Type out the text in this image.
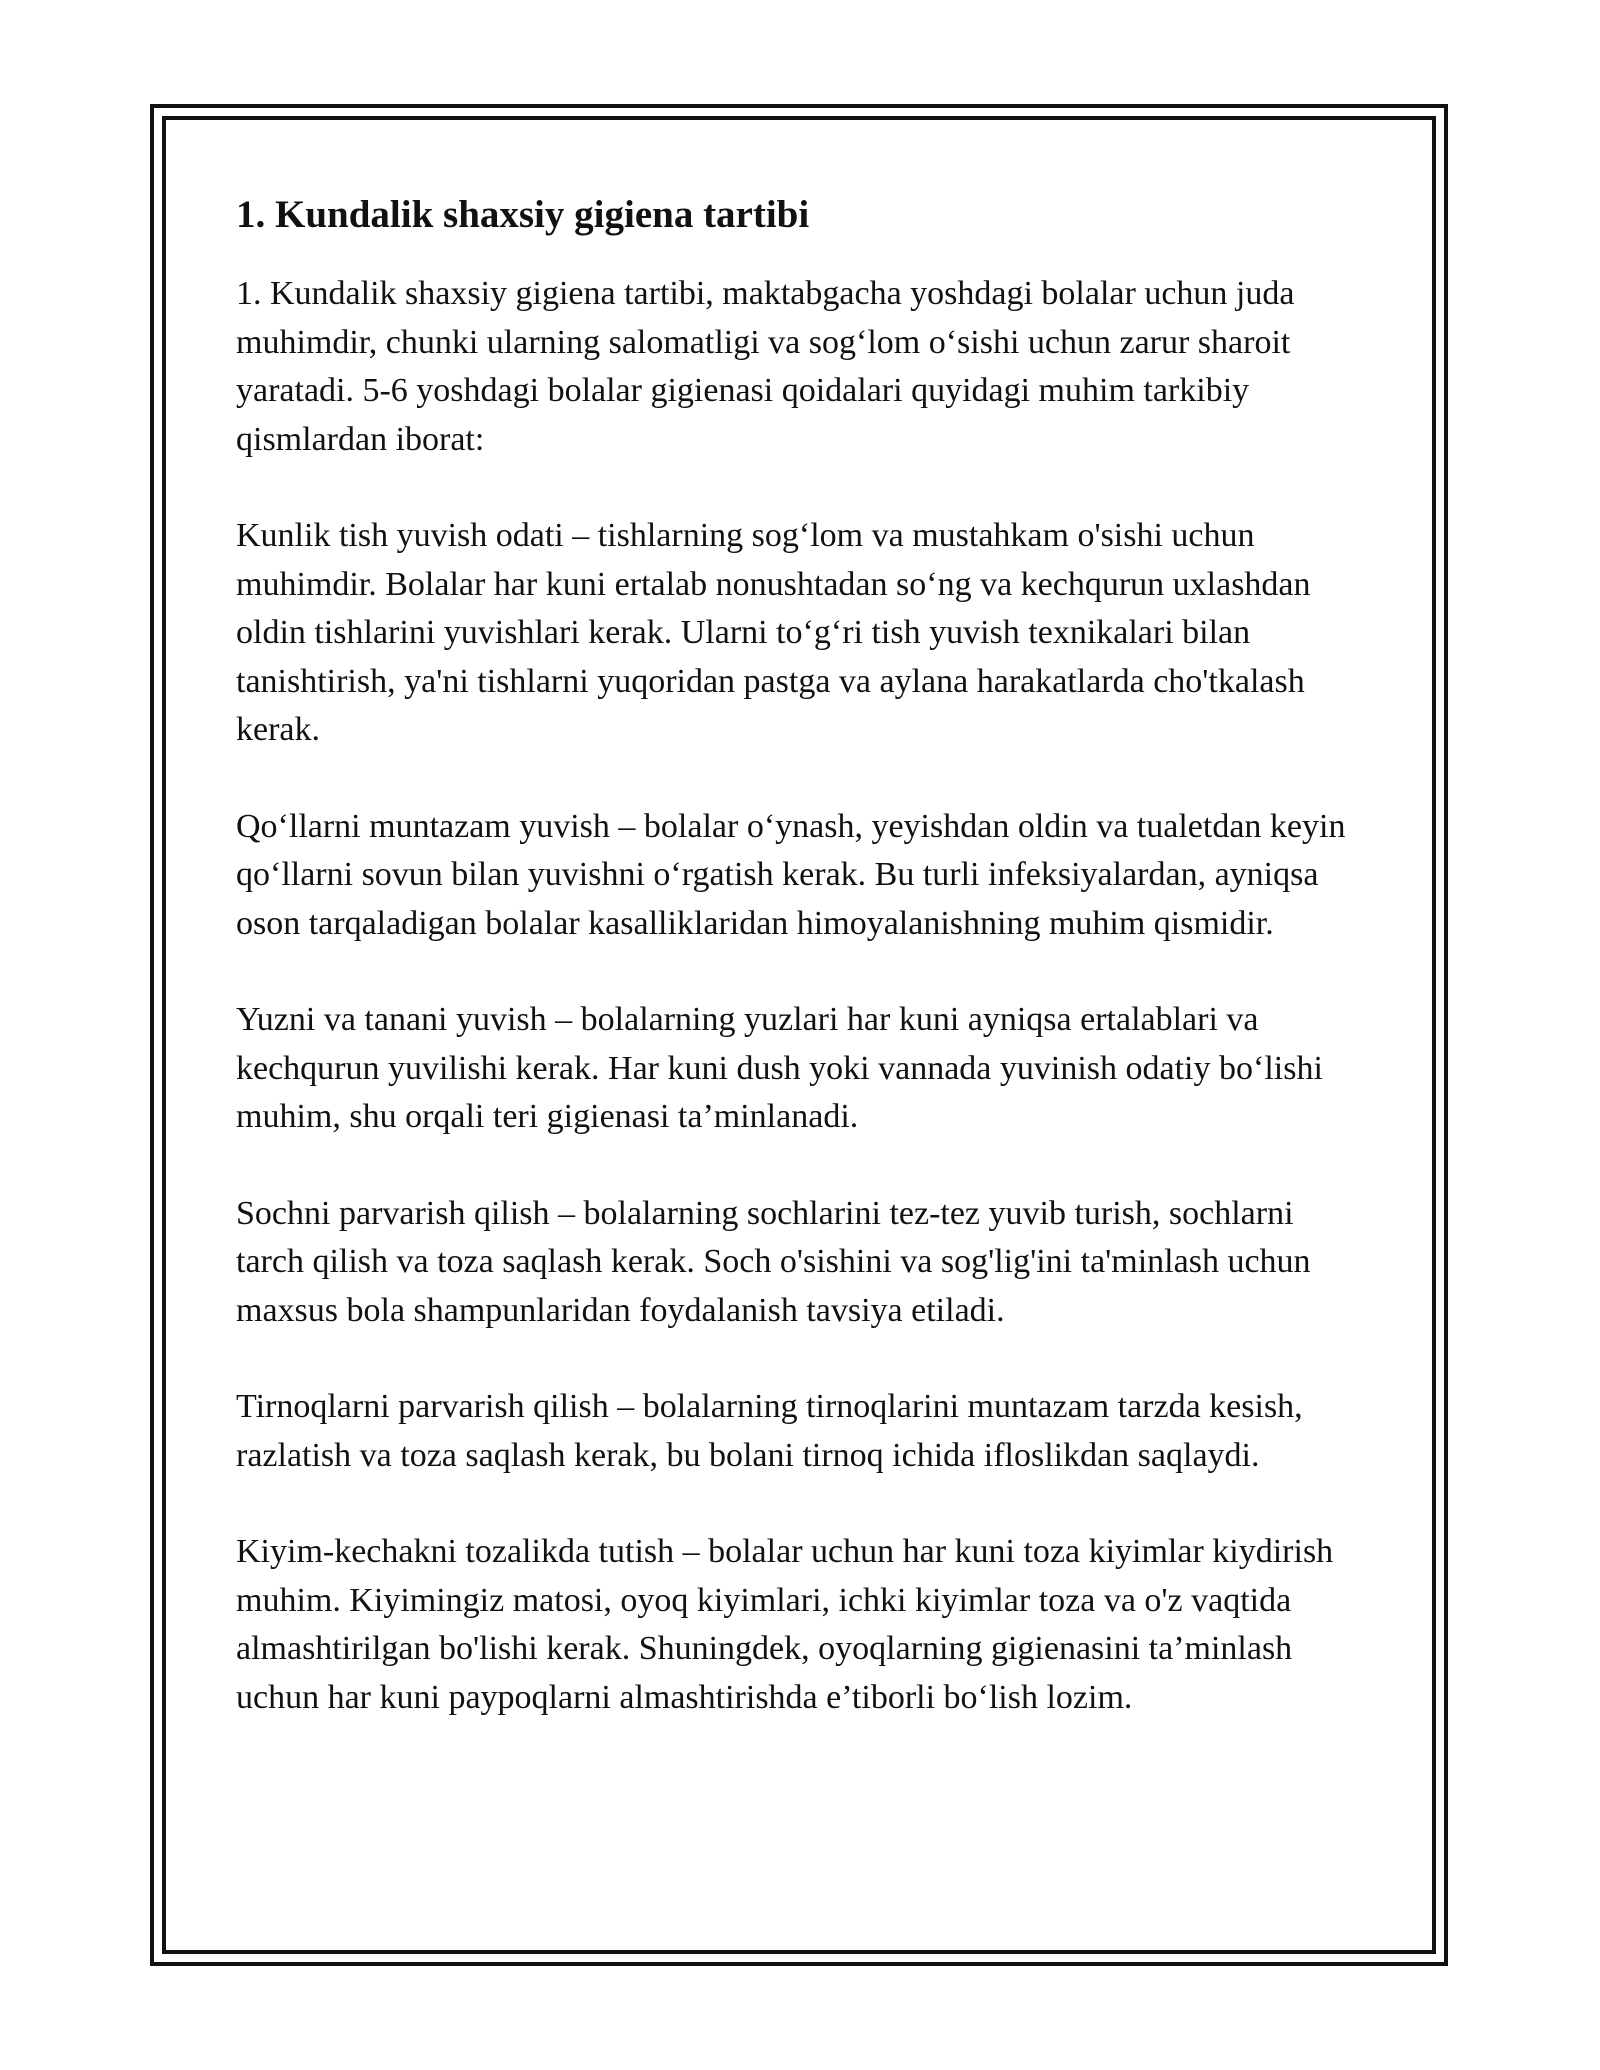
1. Kundalik shaxsiy gigiena tartibi

1. Kundalik shaxsiy gigiena tartibi, maktabgacha yoshdagi bolalar uchun juda muhimdir, chunki ularning salomatligi va sog‘lom o‘sishi uchun zarur sharoit yaratadi. 5-6 yoshdagi bolalar gigienasi qoidalari quyidagi muhim tarkibiy qismlardan iborat:

Kunlik tish yuvish odati – tishlarning sog‘lom va mustahkam o'sishi uchun muhimdir. Bolalar har kuni ertalab nonushtadan so‘ng va kechqurun uxlashdan oldin tishlarini yuvishlari kerak. Ularni to‘g‘ri tish yuvish texnikalari bilan tanishtirish, ya'ni tishlarni yuqoridan pastga va aylana harakatlarda cho'tkalash kerak.

Qo‘llarni muntazam yuvish – bolalar o‘ynash, yeyishdan oldin va tualetdan keyin qo‘llarni sovun bilan yuvishni o‘rgatish kerak. Bu turli infeksiyalardan, ayniqsa oson tarqaladigan bolalar kasalliklaridan himoyalanishning muhim qismidir.

Yuzni va tanani yuvish – bolalarning yuzlari har kuni ayniqsa ertalablari va kechqurun yuvilishi kerak. Har kuni dush yoki vannada yuvinish odatiy bo‘lishi muhim, shu orqali teri gigienasi ta’minlanadi.

Sochni parvarish qilish – bolalarning sochlarini tez-tez yuvib turish, sochlarni tarch qilish va toza saqlash kerak. Soch o'sishini va sog'lig'ini ta'minlash uchun maxsus bola shampunlaridan foydalanish tavsiya etiladi.

Tirnoqlarni parvarish qilish – bolalarning tirnoqlarini muntazam tarzda kesish, razlatish va toza saqlash kerak, bu bolani tirnoq ichida ifloslikdan saqlaydi.

Kiyim-kechakni tozalikda tutish – bolalar uchun har kuni toza kiyimlar kiydirish muhim. Kiyimingiz matosi, oyoq kiyimlari, ichki kiyimlar toza va o'z vaqtida almashtirilgan bo'lishi kerak. Shuningdek, oyoqlarning gigienasini ta’minlash uchun har kuni paypoqlarni almashtirishda e’tiborli bo‘lish lozim.
